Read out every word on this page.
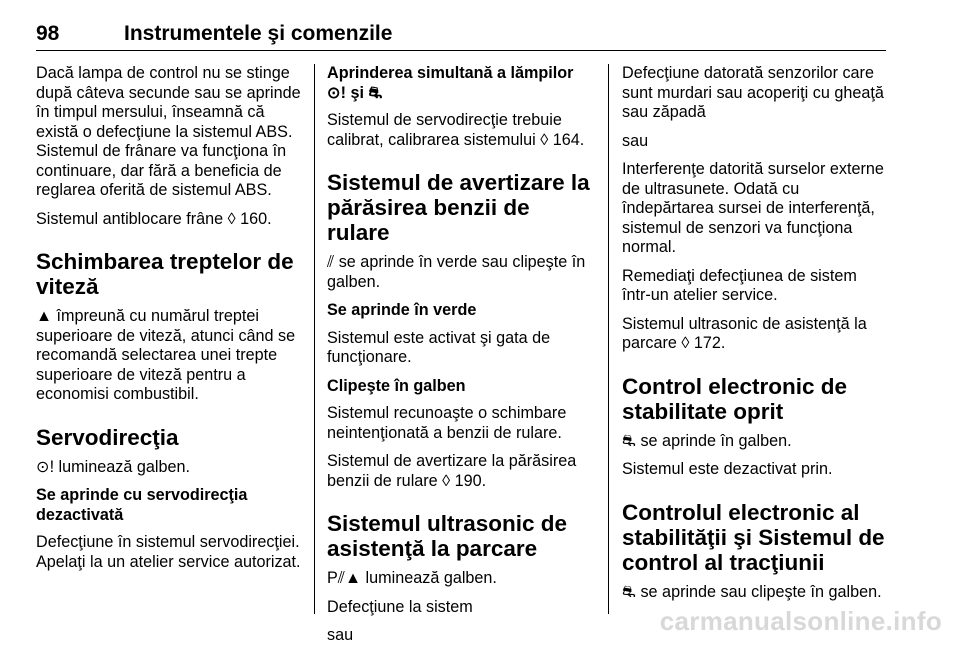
98	Instrumentele şi comenzile

Dacă lampa de control nu se stinge după câteva secunde sau se aprinde în timpul mersului, înseamnă că există o defecţiune la sistemul ABS. Sistemul de frânare va funcţiona în continuare, dar fără a beneficia de reglarea oferită de sistemul ABS.

Sistemul antiblocare frâne ◊ 160.

Schimbarea treptelor de viteză

▲ împreună cu numărul treptei superioare de viteză, atunci când se recomandă selectarea unei trepte superioare de viteză pentru a economisi combustibil.

Servodirecţia

⊙! luminează galben.

Se aprinde cu servodirecţia dezactivată

Defecţiune în sistemul servodirecţiei. Apelaţi la un atelier service autorizat.

Aprinderea simultană a lămpilor ⊙! şi ⛐

Sistemul de servodirecţie trebuie calibrat, calibrarea sistemului ◊ 164.

Sistemul de avertizare la părăsirea benzii de rulare

⫽ se aprinde în verde sau clipeşte în galben.

Se aprinde în verde

Sistemul este activat şi gata de funcţionare.

Clipeşte în galben

Sistemul recunoaşte o schimbare neintenţionată a benzii de rulare.

Sistemul de avertizare la părăsirea benzii de rulare ◊ 190.

Sistemul ultrasonic de asistenţă la parcare

P⫽▲ luminează galben.

Defecţiune la sistem

sau

Defecţiune datorată senzorilor care sunt murdari sau acoperiţi cu gheaţă sau zăpadă

sau

Interferenţe datorită surselor externe de ultrasunete. Odată cu îndepărtarea sursei de interferenţă, sistemul de senzori va funcţiona normal.

Remediaţi defecţiunea de sistem într-un atelier service.

Sistemul ultrasonic de asistenţă la parcare ◊ 172.

Control electronic de stabilitate oprit

⛐ se aprinde în galben.

Sistemul este dezactivat prin.

Controlul electronic al stabilităţii şi Sistemul de control al tracţiunii

⛐ se aprinde sau clipeşte în galben.

carmanualsonline.info
